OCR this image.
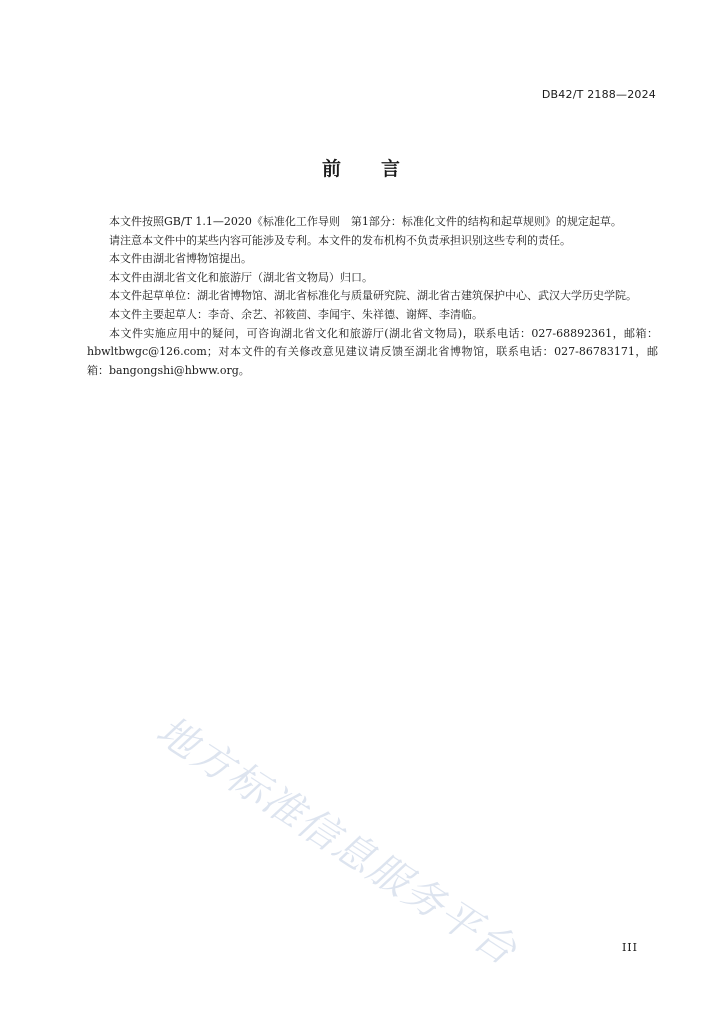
DB42/T 2188—2024
前 言

本文件按照GB/T 1.1—2020《标准化工作导则　第1部分：标准化文件的结构和起草规则》的规定起草。

请注意本文件中的某些内容可能涉及专利。本文件的发布机构不负责承担识别这些专利的责任。

本文件由湖北省博物馆提出。

本文件由湖北省文化和旅游厅（湖北省文物局）归口。

本文件起草单位：湖北省博物馆、湖北省标准化与质量研究院、湖北省古建筑保护中心、武汉大学历史学院。

本文件主要起草人：李奇、余艺、祁筱茴、李闻宇、朱祥德、谢辉、李清临。

本文件实施应用中的疑问，可咨询湖北省文化和旅游厅(湖北省文物局)，联系电话：027-68892361，邮箱：hbwltbwgc@126.com；对本文件的有关修改意见建议请反馈至湖北省博物馆，联系电话：027-86783171，邮箱：bangongshi@hbww.org。

地方标准信息服务平台	III
